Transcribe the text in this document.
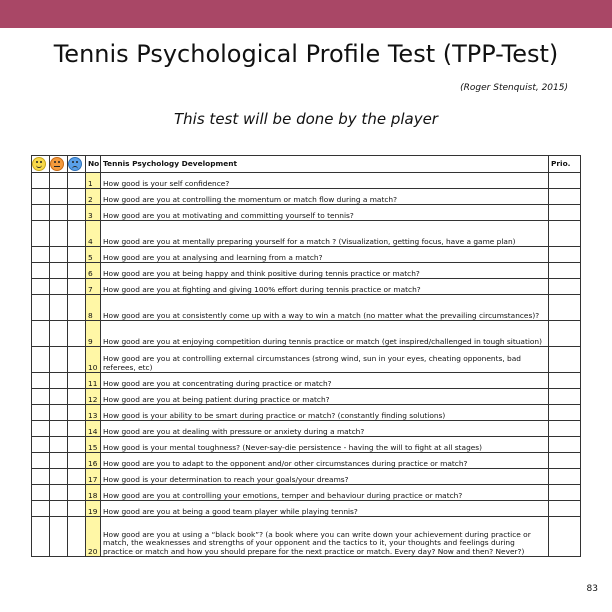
Tennis Psychological Profile Test (TPP-Test)
(Roger Stenquist, 2015)
This test will be done by the player
			No	Tennis Psychology Development	Prio.
			1	How good is your self confidence?	
			2	How good are you at controlling the momentum or match flow during a match?	
			3	How good are you at motivating and committing yourself to tennis?	
			4	How good are you at mentally preparing yourself for a match ? (Visualization, getting focus, have a game plan)	
			5	How good are you at analysing and learning from a match?	
			6	How good are you at being happy and think positive during tennis practice or match?	
			7	How good are you at fighting and giving 100% effort during tennis practice or match?	
			8	How good are you at consistently come up with a way to win a match (no matter what the prevailing circumstances)?	
			9	How good are you at enjoying competition during tennis practice or match (get inspired/challenged in tough situation)	
			10	How good are you at controlling external circumstances (strong wind, sun in your eyes, cheating opponents, bad referees, etc)	
			11	How good are you at concentrating during practice or match?	
			12	How good are you at being patient during practice or match?	
			13	How good is your ability to be smart during practice or match? (constantly finding solutions)	
			14	How good are you at dealing with pressure or anxiety during a match?	
			15	How good is your mental toughness? (Never-say-die persistence - having the will to fight at all stages)	
			16	How good are you to adapt to the opponent and/or other circumstances during practice or match?	
			17	How good is your determination to reach your goals/your dreams?	
			18	How good are you at controlling your emotions, temper and behaviour during practice or match?	
			19	How good are you at being a good team player while playing tennis?	
			20	How good are you at using a “black book”? (a book where you can write down your achievement during practice or match, the weaknesses and strengths of your opponent and the tactics to it, your thoughts and feelings during practice or match and how you should prepare for the next practice or match. Every day? Now and then? Never?)	
83
